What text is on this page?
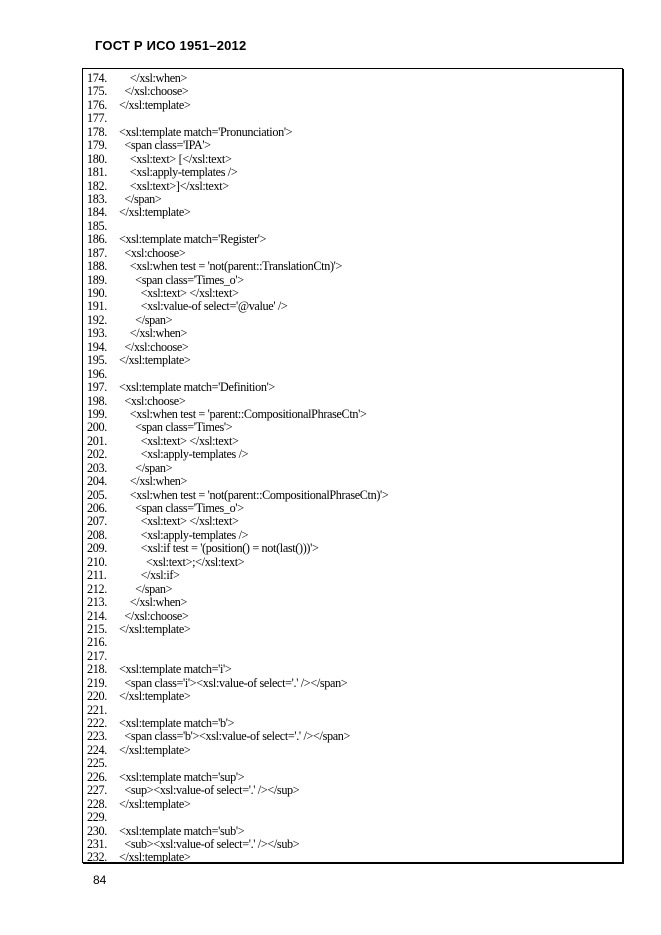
ГОСТ Р ИСО 1951–2012
174. </xsl:when>
175. </xsl:choose>
176. </xsl:template>
177.
178. <xsl:template match='Pronunciation'>
179. <span class='IPA'>
180. <xsl:text> [</xsl:text>
181. <xsl:apply-templates />
182. <xsl:text>]</xsl:text>
183. </span>
184. </xsl:template>
185.
186. <xsl:template match='Register'>
187. <xsl:choose>
188. <xsl:when test = 'not(parent::TranslationCtn)'>
189. <span class='Times_o'>
190. <xsl:text> </xsl:text>
191. <xsl:value-of select='@value' />
192. </span>
193. </xsl:when>
194. </xsl:choose>
195. </xsl:template>
196.
197. <xsl:template match='Definition'>
198. <xsl:choose>
199. <xsl:when test = 'parent::CompositionalPhraseCtn'>
200. <span class='Times'>
201. <xsl:text> </xsl:text>
202. <xsl:apply-templates />
203. </span>
204. </xsl:when>
205. <xsl:when test = 'not(parent::CompositionalPhraseCtn)'>
206. <span class='Times_o'>
207. <xsl:text> </xsl:text>
208. <xsl:apply-templates />
209. <xsl:if test = '(position() = not(last()))'>
210. <xsl:text>;</xsl:text>
211. </xsl:if>
212. </span>
213. </xsl:when>
214. </xsl:choose>
215. </xsl:template>
216.
217.
218. <xsl:template match='i'>
219. <span class='i'><xsl:value-of select='.' /></span>
220. </xsl:template>
221.
222. <xsl:template match='b'>
223. <span class='b'><xsl:value-of select='.' /></span>
224. </xsl:template>
225.
226. <xsl:template match='sup'>
227. <sup><xsl:value-of select='.' /></sup>
228. </xsl:template>
229.
230. <xsl:template match='sub'>
231. <sub><xsl:value-of select='.' /></sub>
232. </xsl:template>
84
